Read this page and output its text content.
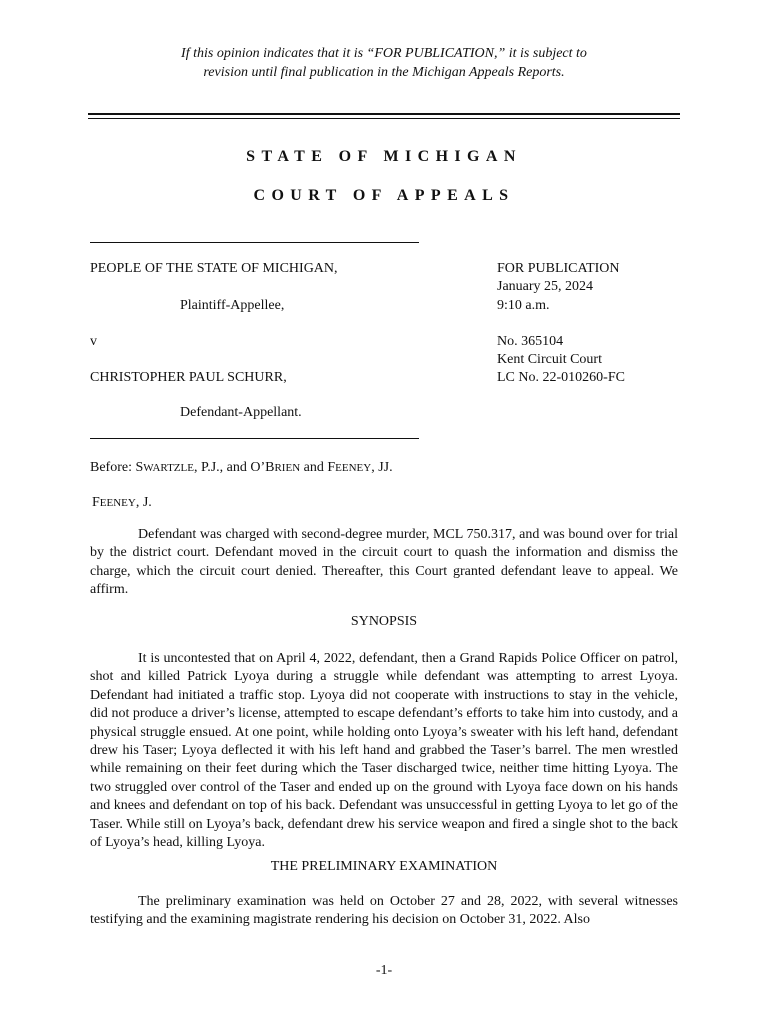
If this opinion indicates that it is “FOR PUBLICATION,” it is subject to
revision until final publication in the Michigan Appeals Reports.
STATE OF MICHIGAN
COURT OF APPEALS
PEOPLE OF THE STATE OF MICHIGAN,
Plaintiff-Appellee,
v
CHRISTOPHER PAUL SCHURR,
Defendant-Appellant.
FOR PUBLICATION
January 25, 2024
9:10 a.m.
No. 365104
Kent Circuit Court
LC No. 22-010260-FC
Before: SWARTZLE, P.J., and O’BRIEN and FEENEY, JJ.
FEENEY, J.

Defendant was charged with second-degree murder, MCL 750.317, and was bound over for trial by the district court. Defendant moved in the circuit court to quash the information and dismiss the charge, which the circuit court denied. Thereafter, this Court granted defendant leave to appeal. We affirm.

SYNOPSIS

It is uncontested that on April 4, 2022, defendant, then a Grand Rapids Police Officer on patrol, shot and killed Patrick Lyoya during a struggle while defendant was attempting to arrest Lyoya. Defendant had initiated a traffic stop. Lyoya did not cooperate with instructions to stay in the vehicle, did not produce a driver’s license, attempted to escape defendant’s efforts to take him into custody, and a physical struggle ensued. At one point, while holding onto Lyoya’s sweater with his left hand, defendant drew his Taser; Lyoya deflected it with his left hand and grabbed the Taser’s barrel. The men wrestled while remaining on their feet during which the Taser discharged twice, neither time hitting Lyoya. The two struggled over control of the Taser and ended up on the ground with Lyoya face down on his hands and knees and defendant on top of his back. Defendant was unsuccessful in getting Lyoya to let go of the Taser. While still on Lyoya’s back, defendant drew his service weapon and fired a single shot to the back of Lyoya’s head, killing Lyoya.

THE PRELIMINARY EXAMINATION

The preliminary examination was held on October 27 and 28, 2022, with several witnesses testifying and the examining magistrate rendering his decision on October 31, 2022. Also

-1-
